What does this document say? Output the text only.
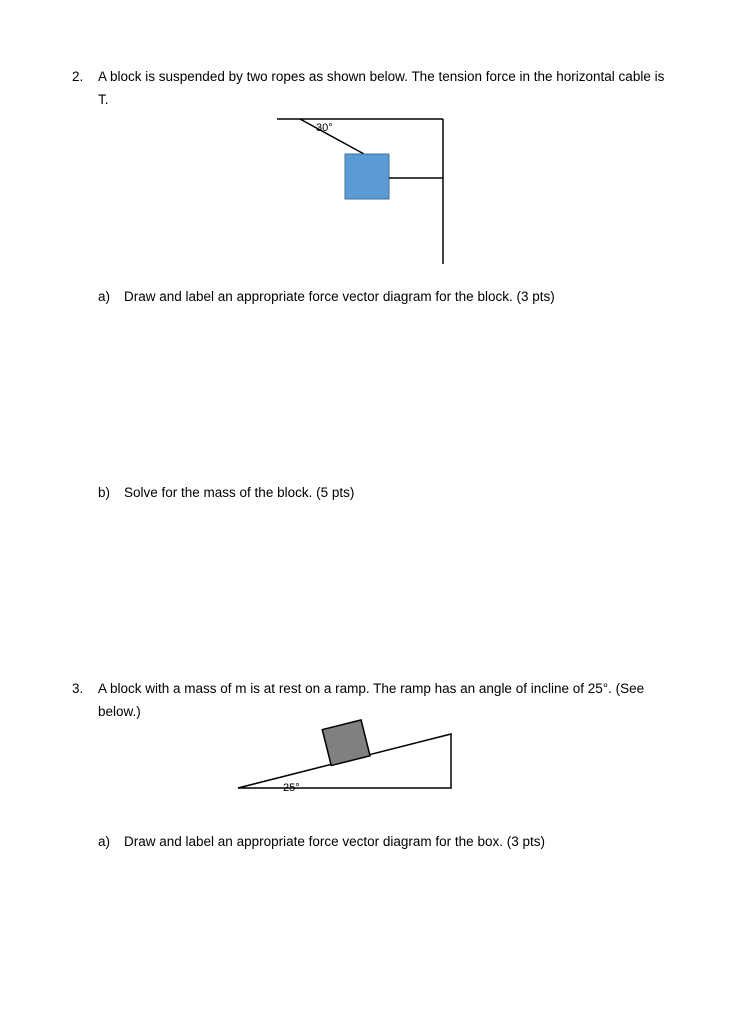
2. A block is suspended by two ropes as shown below. The tension force in the horizontal cable is
T.
30°
a) Draw and label an appropriate force vector diagram for the block. (3 pts)
b) Solve for the mass of the block. (5 pts)
3. A block with a mass of m is at rest on a ramp. The ramp has an angle of incline of 25°. (See
below.)
25°
a) Draw and label an appropriate force vector diagram for the box. (3 pts)
